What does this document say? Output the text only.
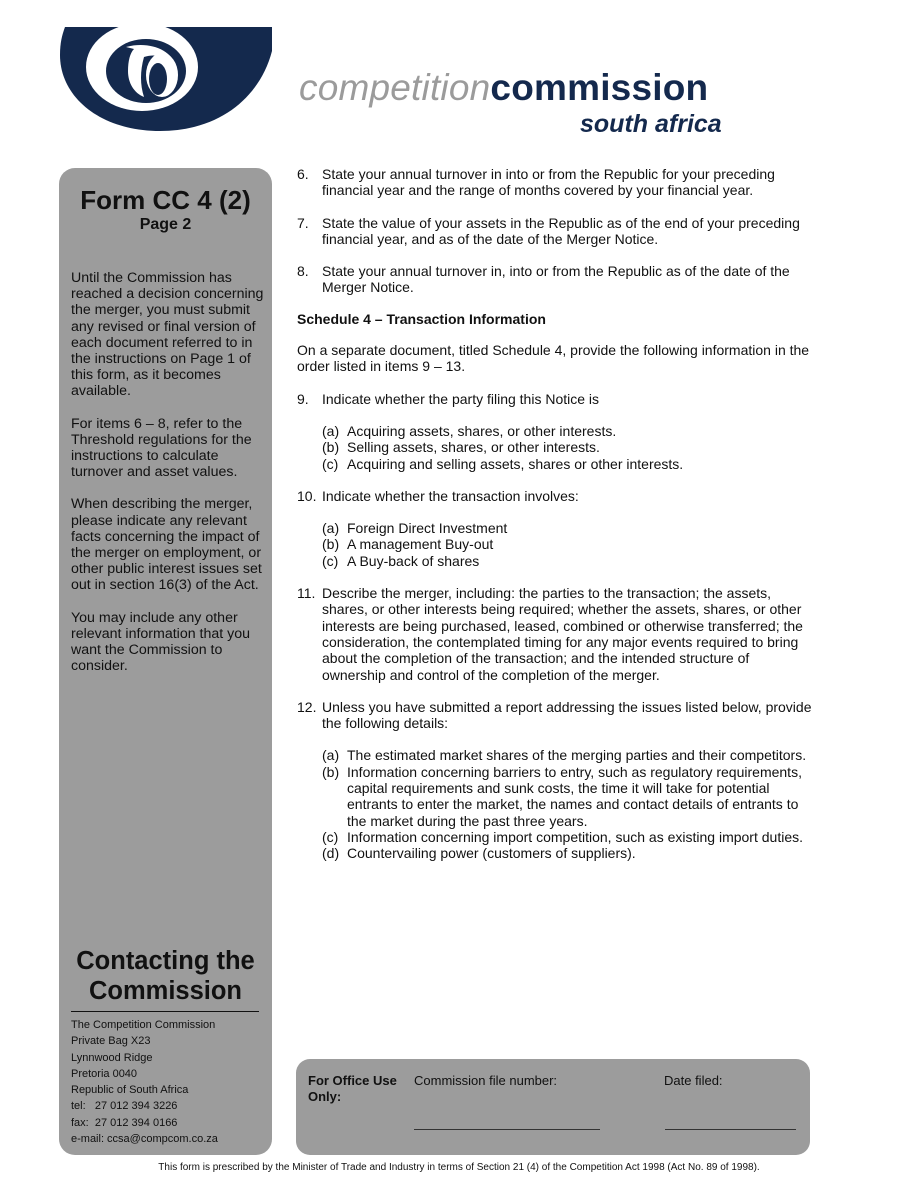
competitioncommission
south africa
Form CC 4 (2)
Page 2

Until the Commission has reached a decision concerning the merger, you must submit any revised or final version of each document referred to in the instructions on Page 1 of this form, as it becomes available.

For items 6 – 8, refer to the Threshold regulations for the instructions to calculate turnover and asset values.

When describing the merger, please indicate any relevant facts concerning the impact of the merger on employment, or other public interest issues set out in section 16(3) of the Act.

You may include any other relevant information that you want the Commission to consider.

Contacting the Commission
The Competition Commission
Private Bag X23
Lynnwood Ridge
Pretoria 0040
Republic of South Africa
tel:   27 012 394 3226
fax:  27 012 394 0166
e-mail: ccsa@compcom.co.za
6. State your annual turnover in into or from the Republic for your preceding financial year and the range of months covered by your financial year.
7. State the value of your assets in the Republic as of the end of your preceding financial year, and as of the date of the Merger Notice.
8. State your annual turnover in, into or from the Republic as of the date of the Merger Notice.
Schedule 4 – Transaction Information
On a separate document, titled Schedule 4, provide the following information in the order listed in items 9 – 13.
9. Indicate whether the party filing this Notice is
(a) Acquiring assets, shares, or other interests.
(b) Selling assets, shares, or other interests.
(c) Acquiring and selling assets, shares or other interests.
10. Indicate whether the transaction involves:
(a) Foreign Direct Investment
(b) A management Buy-out
(c) A Buy-back of shares
11. Describe the merger, including: the parties to the transaction; the assets, shares, or other interests being required; whether the assets, shares, or other interests are being purchased, leased, combined or otherwise transferred; the consideration, the contemplated timing for any major events required to bring about the completion of the transaction; and the intended structure of ownership and control of the completion of the merger.
12. Unless you have submitted a report addressing the issues listed below, provide the following details:
(a) The estimated market shares of the merging parties and their competitors.
(b) Information concerning barriers to entry, such as regulatory requirements, capital requirements and sunk costs, the time it will take for potential entrants to enter the market, the names and contact details of entrants to the market during the past three years.
(c) Information concerning import competition, such as existing import duties.
(d) Countervailing power (customers of suppliers).
For Office Use Only:
Commission file number:	Date filed:
This form is prescribed by the Minister of Trade and Industry in terms of Section 21 (4) of the Competition Act 1998 (Act No. 89 of 1998).
